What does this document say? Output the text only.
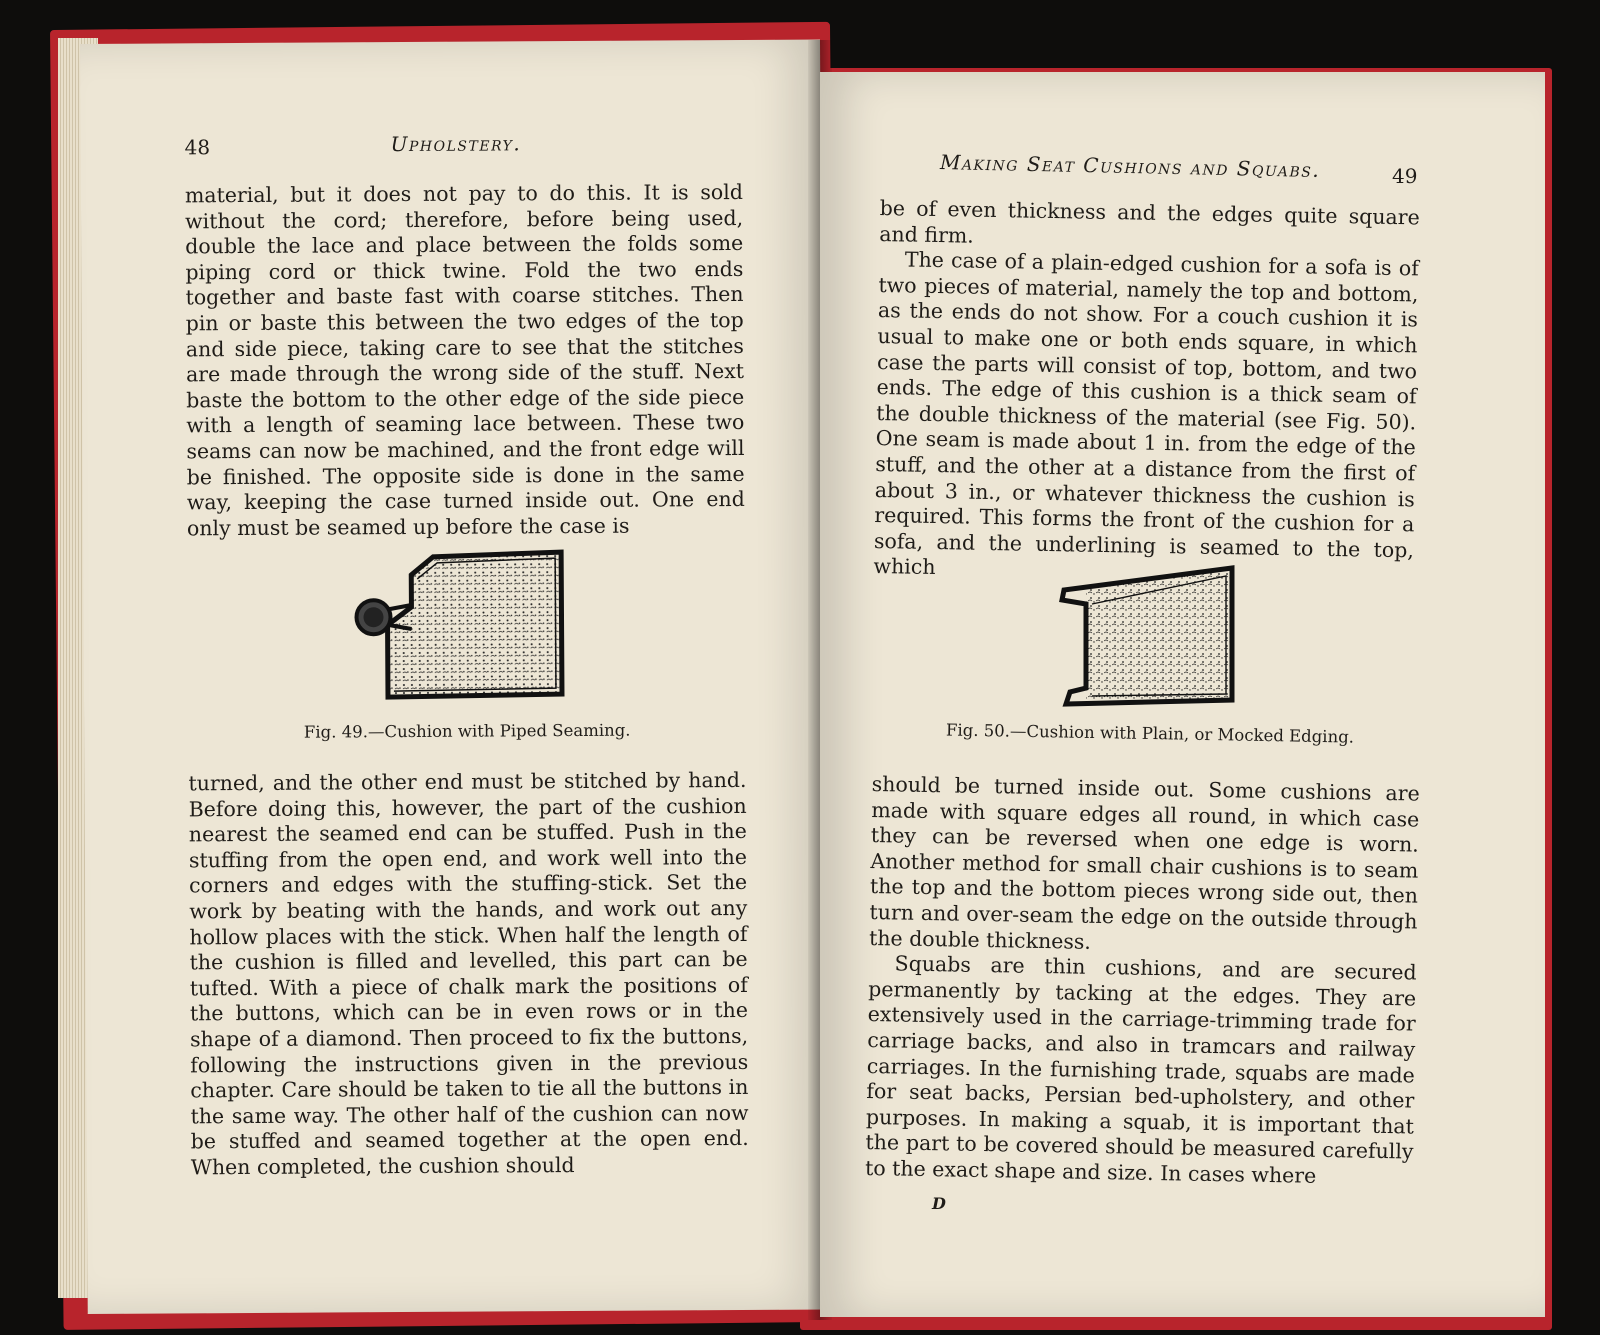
48	Upholstery.

material, but it does not pay to do this. It is sold without the cord; therefore, before being used, double the lace and place between the folds some piping cord or thick twine. Fold the two ends together and baste fast with coarse stitches. Then pin or baste this between the two edges of the top and side piece, taking care to see that the stitches are made through the wrong side of the stuff. Next baste the bottom to the other edge of the side piece with a length of seaming lace between. These two seams can now be machined, and the front edge will be finished. The opposite side is done in the same way, keeping the case turned inside out. One end only must be seamed up before the case is

Fig. 49.—Cushion with Piped Seaming.

turned, and the other end must be stitched by hand. Before doing this, however, the part of the cushion nearest the seamed end can be stuffed. Push in the stuffing from the open end, and work well into the corners and edges with the stuffing-stick. Set the work by beating with the hands, and work out any hollow places with the stick. When half the length of the cushion is filled and levelled, this part can be tufted. With a piece of chalk mark the positions of the buttons, which can be in even rows or in the shape of a diamond. Then proceed to fix the buttons, following the instructions given in the previous chapter. Care should be taken to tie all the buttons in the same way. The other half of the cushion can now be stuffed and seamed together at the open end. When completed, the cushion should

Making Seat Cushions and Squabs.	49

be of even thickness and the edges quite square and firm.

The case of a plain-edged cushion for a sofa is of two pieces of material, namely the top and bottom, as the ends do not show. For a couch cushion it is usual to make one or both ends square, in which case the parts will consist of top, bottom, and two ends. The edge of this cushion is a thick seam of the double thickness of the material (see Fig. 50). One seam is made about 1 in. from the edge of the stuff, and the other at a distance from the first of about 3 in., or whatever thickness the cushion is required. This forms the front of the cushion for a sofa, and the underlining is seamed to the top, which

Fig. 50.—Cushion with Plain, or Mocked Edging.

should be turned inside out. Some cushions are made with square edges all round, in which case they can be reversed when one edge is worn. Another method for small chair cushions is to seam the top and the bottom pieces wrong side out, then turn and over-seam the edge on the outside through the double thickness.

Squabs are thin cushions, and are secured permanently by tacking at the edges. They are extensively used in the carriage-trimming trade for carriage backs, and also in tramcars and railway carriages. In the furnishing trade, squabs are made for seat backs, Persian bed-upholstery, and other purposes. In making a squab, it is important that the part to be covered should be measured carefully to the exact shape and size. In cases where

D
